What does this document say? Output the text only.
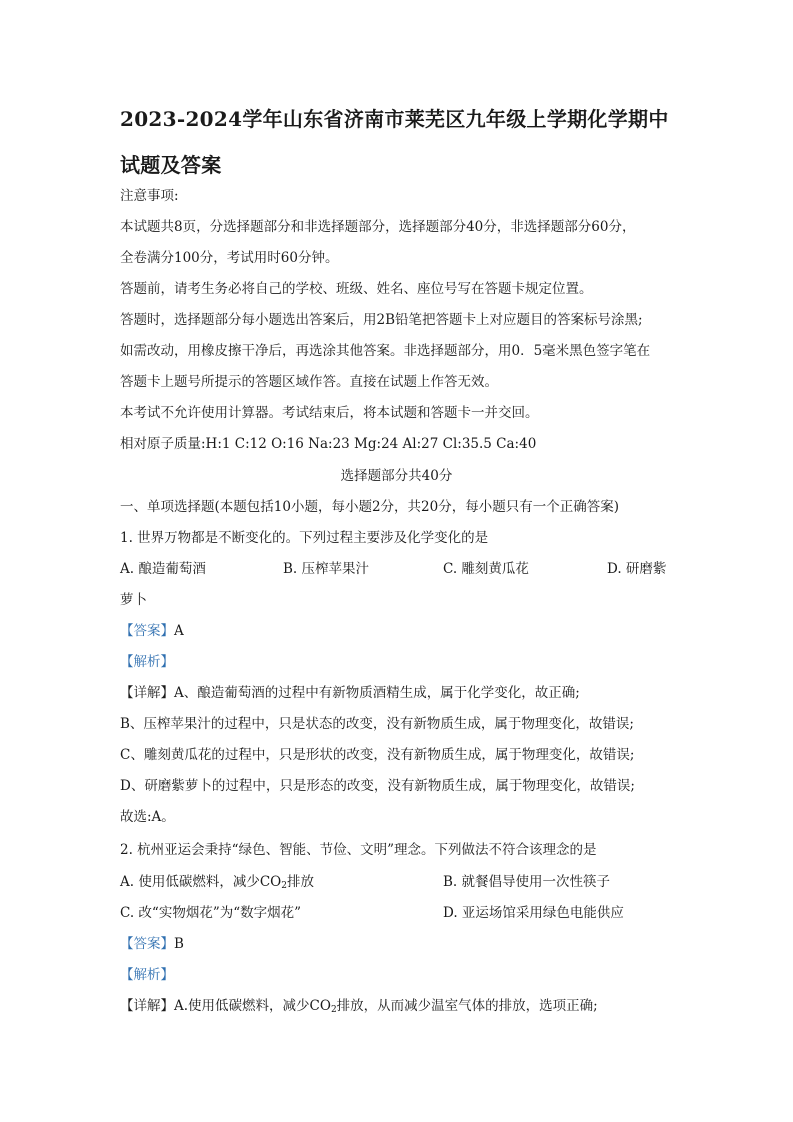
2023-2024学年山东省济南市莱芜区九年级上学期化学期中
试题及答案
注意事项:
本试题共8页，分选择题部分和非选择题部分，选择题部分40分，非选择题部分60分，
全卷满分100分，考试用时60分钟。
答题前，请考生务必将自己的学校、班级、姓名、座位号写在答题卡规定位置。
答题时，选择题部分每小题选出答案后，用2B铅笔把答题卡上对应题目的答案标号涂黑;
如需改动，用橡皮擦干净后，再选涂其他答案。非选择题部分，用0．5毫米黑色签字笔在
答题卡上题号所提示的答题区域作答。直接在试题上作答无效。
本考试不允许使用计算器。考试结束后，将本试题和答题卡一并交回。
相对原子质量:H:1 C:12 O:16 Na:23 Mg:24 Al:27 Cl:35.5 Ca:40
选择题部分共40分
一、单项选择题(本题包括10小题，每小题2分，共20分，每小题只有一个正确答案)
1. 世界万物都是不断变化的。下列过程主要涉及化学变化的是
A. 酿造葡萄酒	B. 压榨苹果汁	C. 雕刻黄瓜花	D. 研磨紫
萝卜
【答案】A
【解析】
【详解】A、酿造葡萄酒的过程中有新物质酒精生成，属于化学变化，故正确;
B、压榨苹果汁的过程中，只是状态的改变，没有新物质生成，属于物理变化，故错误;
C、雕刻黄瓜花的过程中，只是形状的改变，没有新物质生成，属于物理变化，故错误;
D、研磨紫萝卜的过程中，只是形态的改变，没有新物质生成，属于物理变化，故错误;
故选:A。
2. 杭州亚运会秉持“绿色、智能、节俭、文明”理念。下列做法不符合该理念的是
A. 使用低碳燃料，减少$CO_2$排放	B. 就餐倡导使用一次性筷子
C. 改“实物烟花”为“数字烟花”	D. 亚运场馆采用绿色电能供应
【答案】B
【解析】
【详解】A.使用低碳燃料，减少$CO_2$排放，从而减少温室气体的排放，选项正确;
